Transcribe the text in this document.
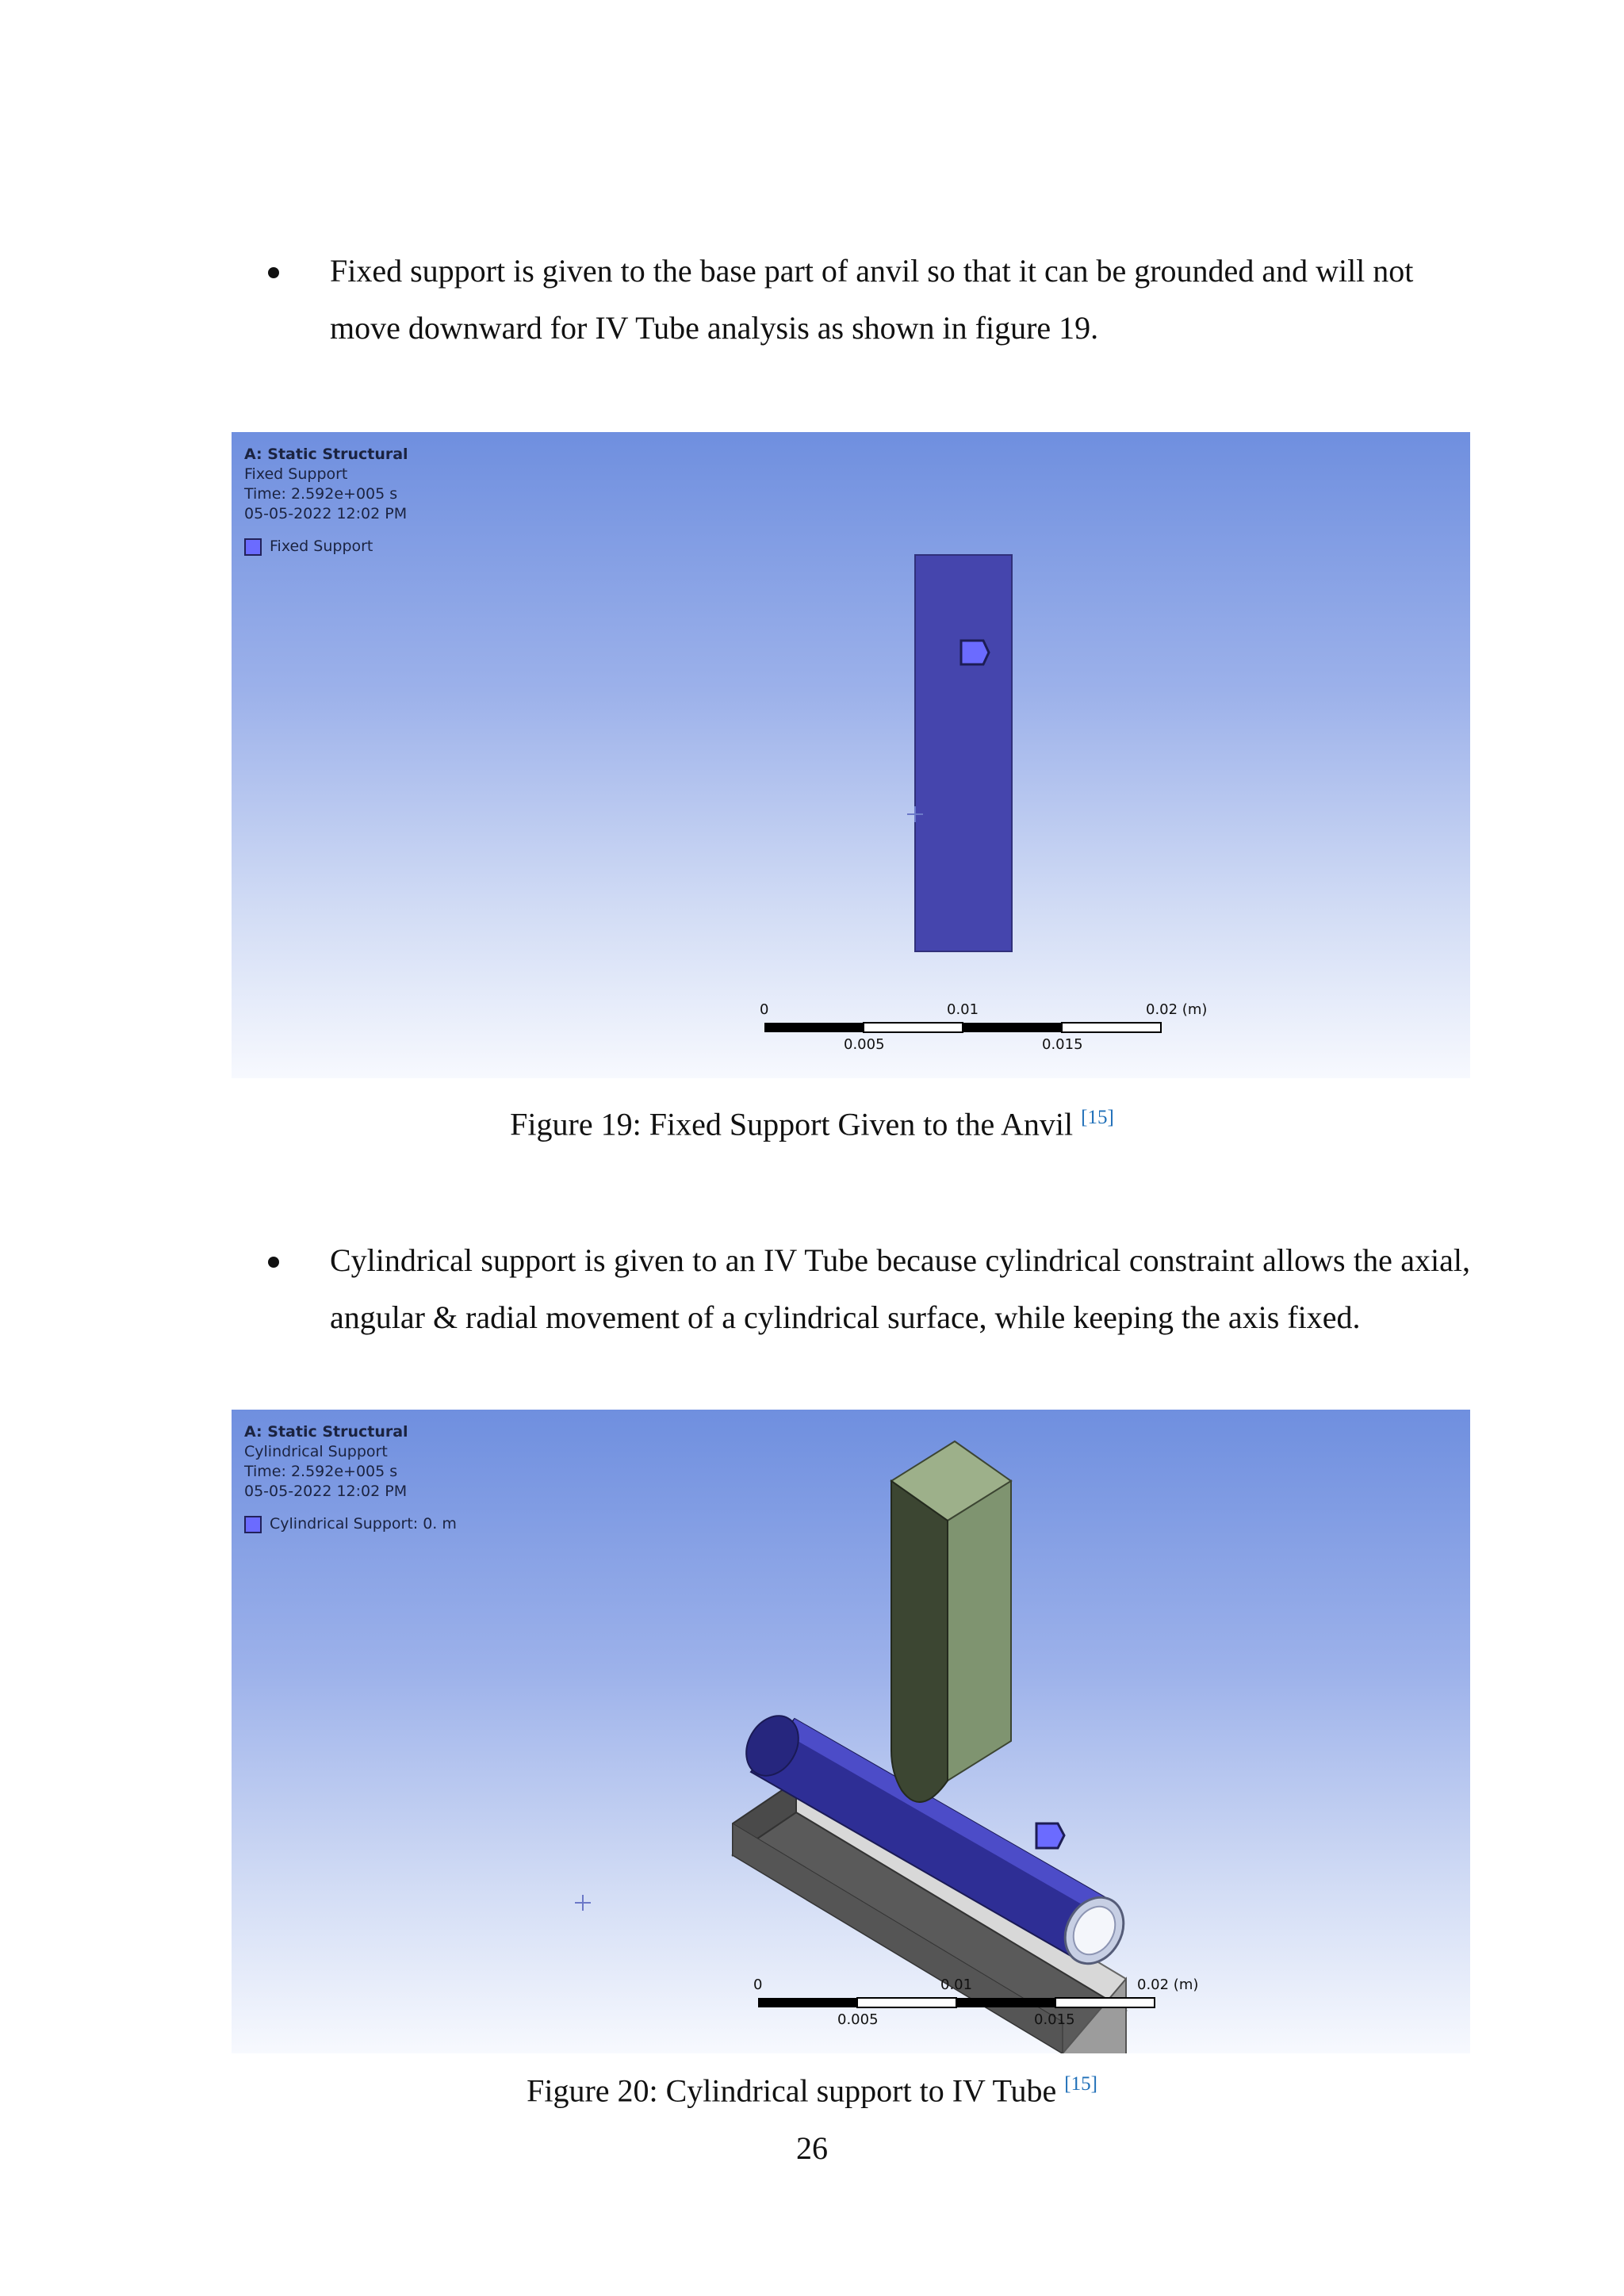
Fixed support is given to the base part of anvil so that it can be grounded and will not move downward for IV Tube analysis as shown in figure 19.

A: Static Structural
Fixed Support
Time: 2.592e+005 s
05-05-2022 12:02 PM
Fixed Support
0	0.01	0.02 (m)
0.005	0.015
Figure 19: Fixed Support Given to the Anvil [15]

Cylindrical support is given to an IV Tube because cylindrical constraint allows the axial, angular & radial movement of a cylindrical surface, while keeping the axis fixed.

A: Static Structural
Cylindrical Support
Time: 2.592e+005 s
05-05-2022 12:02 PM
Cylindrical Support: 0. m
0	0.01	0.02 (m)
0.005	0.015
Figure 20: Cylindrical support to IV Tube [15]
26
